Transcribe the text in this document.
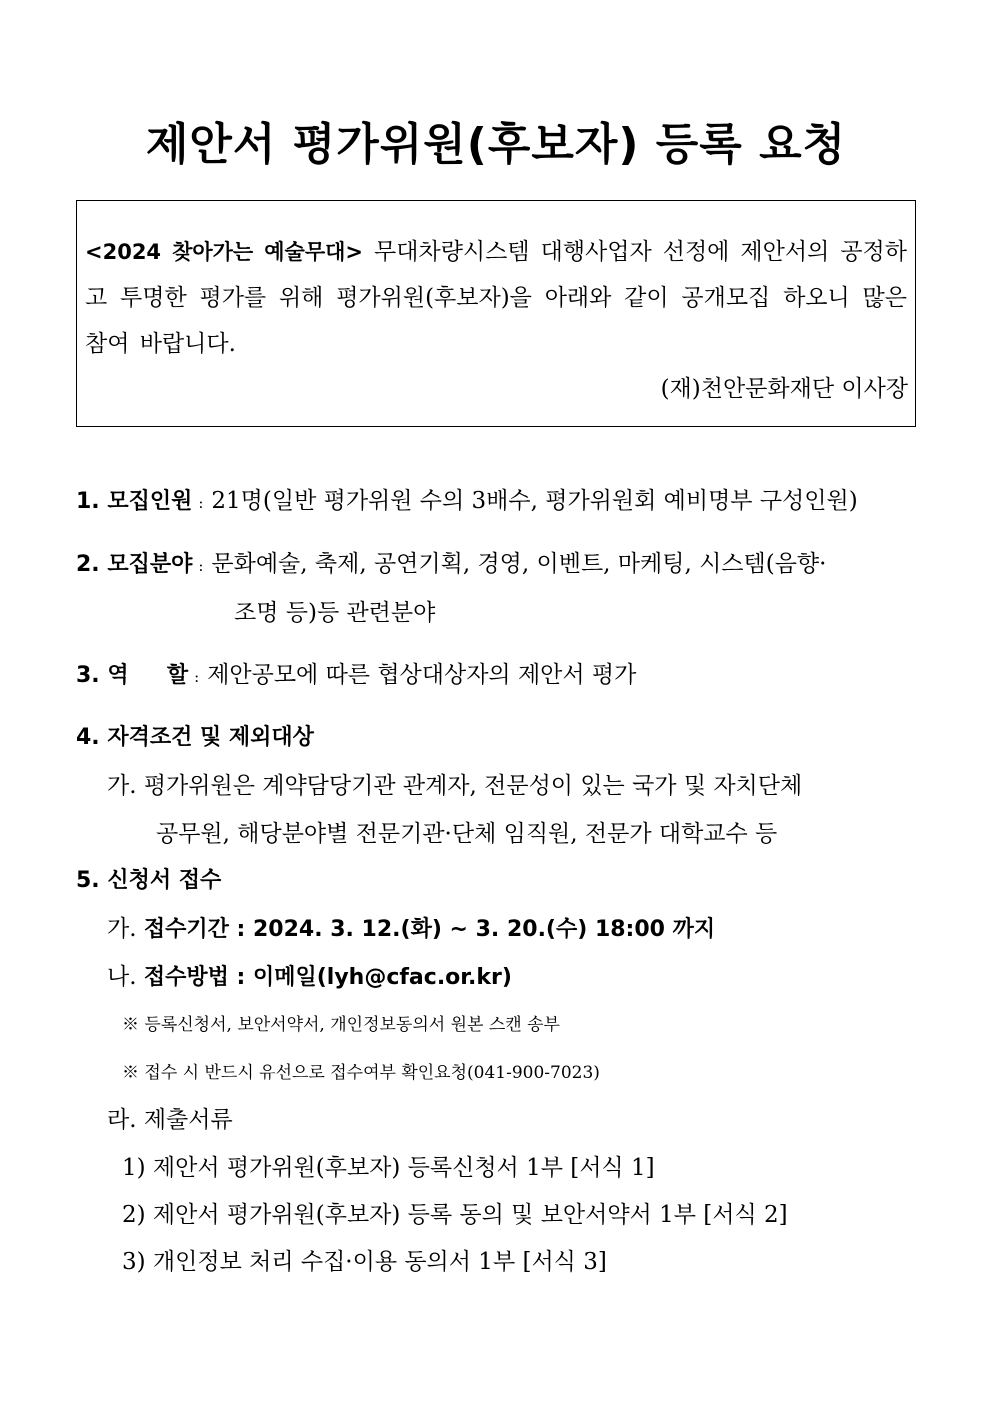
제안서 평가위원(후보자) 등록 요청
<2024 찾아가는 예술무대> 무대차량시스템 대행사업자 선정에 제안서의 공정하고 투명한 평가를 위해 평가위원(후보자)을 아래와 같이 공개모집 하오니 많은 참여 바랍니다.
(재)천안문화재단 이사장
1. 모집인원 : 21명(일반 평가위원 수의 3배수, 평가위원회 예비명부 구성인원)
2. 모집분야 : 문화예술, 축제, 공연기획, 경영, 이벤트, 마케팅, 시스템(음향·
조명 등)등 관련분야
3. 역     할 : 제안공모에 따른 협상대상자의 제안서 평가
4. 자격조건 및 제외대상
가. 평가위원은 계약담당기관 관계자, 전문성이 있는 국가 및 자치단체
공무원, 해당분야별 전문기관·단체 임직원, 전문가 대학교수 등
5. 신청서 접수
가. 접수기간 : 2024. 3. 12.(화) ~ 3. 20.(수) 18:00 까지
나. 접수방법 : 이메일(lyh@cfac.or.kr)
※ 등록신청서, 보안서약서, 개인정보동의서 원본 스캔 송부
※ 접수 시 반드시 유선으로 접수여부 확인요청(041-900-7023)
라. 제출서류
1) 제안서 평가위원(후보자) 등록신청서 1부 [서식 1]
2) 제안서 평가위원(후보자) 등록 동의 및 보안서약서 1부 [서식 2]
3) 개인정보 처리 수집·이용 동의서 1부 [서식 3]
